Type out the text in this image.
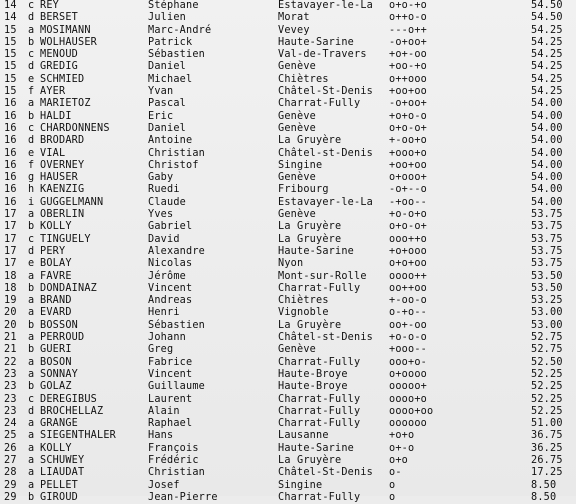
14 c REY	Stéphane	Estavayer-le-La o+o-+o	54.50
14 d BERSET	Julien	Morat	o++o-o	54.50
15 a MOSIMANN	Marc-André	Vevey	---o++	54.25
15 b WOLHAUSER	Patrick	Haute-Sarine	-o+oo+	54.25
15 c MENOUD	Sébastien	Val-de-Travers +o+-oo	54.25
15 d GREDIG	Daniel	Genève	+oo-+o	54.25
15 e SCHMIED	Michael	Chiètres	o++ooo	54.25
15 f AYER	Yvan	Châtel-St-Denis +oo+oo	54.25
16 a MARIETOZ	Pascal	Charrat-Fully	-o+oo+	54.00
16 b HALDI	Eric	Genève	+o+o-o	54.00
16 c CHARDONNENS	Daniel	Genève	o+o-o+	54.00
16 d BRODARD	Antoine	La Gruyère	+-oo+o	54.00
16 e VIAL	Christian	Châtel-st-Denis +ooo+o	54.00
16 f OVERNEY	Christof	Singine	+oo+oo	54.00
16 g HAUSER	Gaby	Genève	o+ooo+	54.00
16 h KAENZIG	Ruedi	Fribourg	-o+--o	54.00
16 i GUGGELMANN	Claude	Estavayer-le-La -+oo--	54.00
17 a OBERLIN	Yves	Genève	+o-o+o	53.75
17 b KOLLY	Gabriel	La Gruyère	o+o-o+	53.75
17 c TINGUELY	David	La Gruyère	ooo++o	53.75
17 d PERY	Alexandre	Haute-Sarine	+o+ooo	53.75
17 e BOLAY	Nicolas	Nyon	o+o+oo	53.75
18 a FAVRE	Jérôme	Mont-sur-Rolle oooo++	53.50
18 b DONDAINAZ	Vincent	Charrat-Fully	oo++oo	53.50
19 a BRAND	Andreas	Chiètres	+-oo-o	53.25
20 a EVARD	Henri	Vignoble	o-+o--	53.00
20 b BOSSON	Sébastien	La Gruyère	oo+-oo	53.00
21 a PERROUD	Johann	Châtel-st-Denis +o-o-o	52.75
21 b GUERI	Greg	Genève	+ooo--	52.75
22 a BOSON	Fabrice	Charrat-Fully	ooo+o-	52.50
23 a SONNAY	Vincent	Haute-Broye	o+oooo	52.25
23 b GOLAZ	Guillaume	Haute-Broye	ooooo+	52.25
23 c DEREGIBUS	Laurent	Charrat-Fully	oooo+o	52.25
23 d BROCHELLAZ	Alain	Charrat-Fully	oooo+oo	52.25
24 a GRANGE	Raphael	Charrat-Fully	oooooo	51.00
25 a SIEGENTHALER	Hans	Lausanne	+o+o	36.75
26 a KOLLY	François	Haute-Sarine	o+-o	36.25
27 a SCHUWEY	Frédéric	La Gruyère	o+o	26.75
28 a LIAUDAT	Christian	Châtel-St-Denis o-	17.25
29 a PELLET	Josef	Singine	o	8.50
29 b GIROUD	Jean-Pierre	Charrat-Fully	o	8.50
